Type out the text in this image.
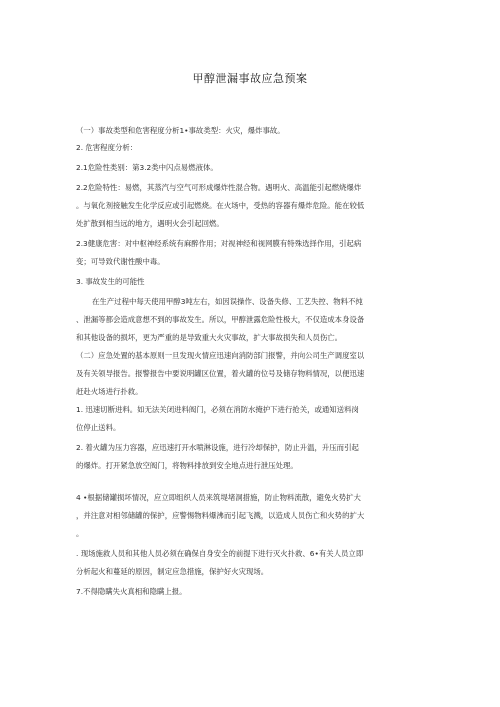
甲醇泄漏事故应急预案
（一）事故类型和危害程度分析1•事故类型：火灾，爆炸事故。
2. 危害程度分析：
2.1危险性类别：第3.2类中闪点易燃液体。
2.2危险特性：易燃，其蒸汽与空气可形成爆炸性混合物。遇明火、高温能引起燃烧爆炸
。与氧化剂接触发生化学反应或引起燃烧。在火场中，受热的容器有爆炸危险。能在较低
处扩散到相当远的地方，遇明火会引起回燃。
2.3健康危害：对中枢神经系统有麻醉作用；对视神经和视网膜有特殊选择作用，引起病
变；可导致代谢性酸中毒。
3. 事故发生的可能性
在生产过程中每天使用甲醇3吨左右，如因误操作、设备失修、工艺失控、物料不纯
、泄漏等都会造成意想不到的事故发生。所以，甲醇泄露危险性极大，不仅造成本身设备
和其他设备的损坏，更为严重的是导致重大火灾事故，扩大事故损失和人员伤亡。
（二）应急处置的基本原则一旦发现火情应迅速向消防部门报警，并向公司生产调度室以
及有关领导报告。报警报告中要说明罐区位置，着火罐的位号及储存物料情况，以便迅速
赶赴火场进行扑救。
1. 迅速切断进料。如无法关闭进料阀门，必须在消防水掩护下进行抢关，或通知送料岗
位停止送料。
2. 着火罐为压力容器，应迅速打开水喷淋设施，进行冷却保护，防止升温，升压而引起
的爆炸。打开紧急放空阀门，将物料排放到安全地点进行泄压处理。
4 •根据储罐损坏情况，应立即组织人员来筑堤堵洞措施，防止物料流散，避免火势扩大
，并注意对相邻储罐的保护，应警惕物料爆沸而引起飞溅，以造成人员伤亡和火势的扩大
。
. 现场施救人员和其他人员必须在确保自身安全的前提下进行灭火扑救、6•有关人员立即
分析起火和蔓延的原因，制定应急措施，保护好火灾现场。
7.不得隐瞒失火真相和隐瞒上报。
